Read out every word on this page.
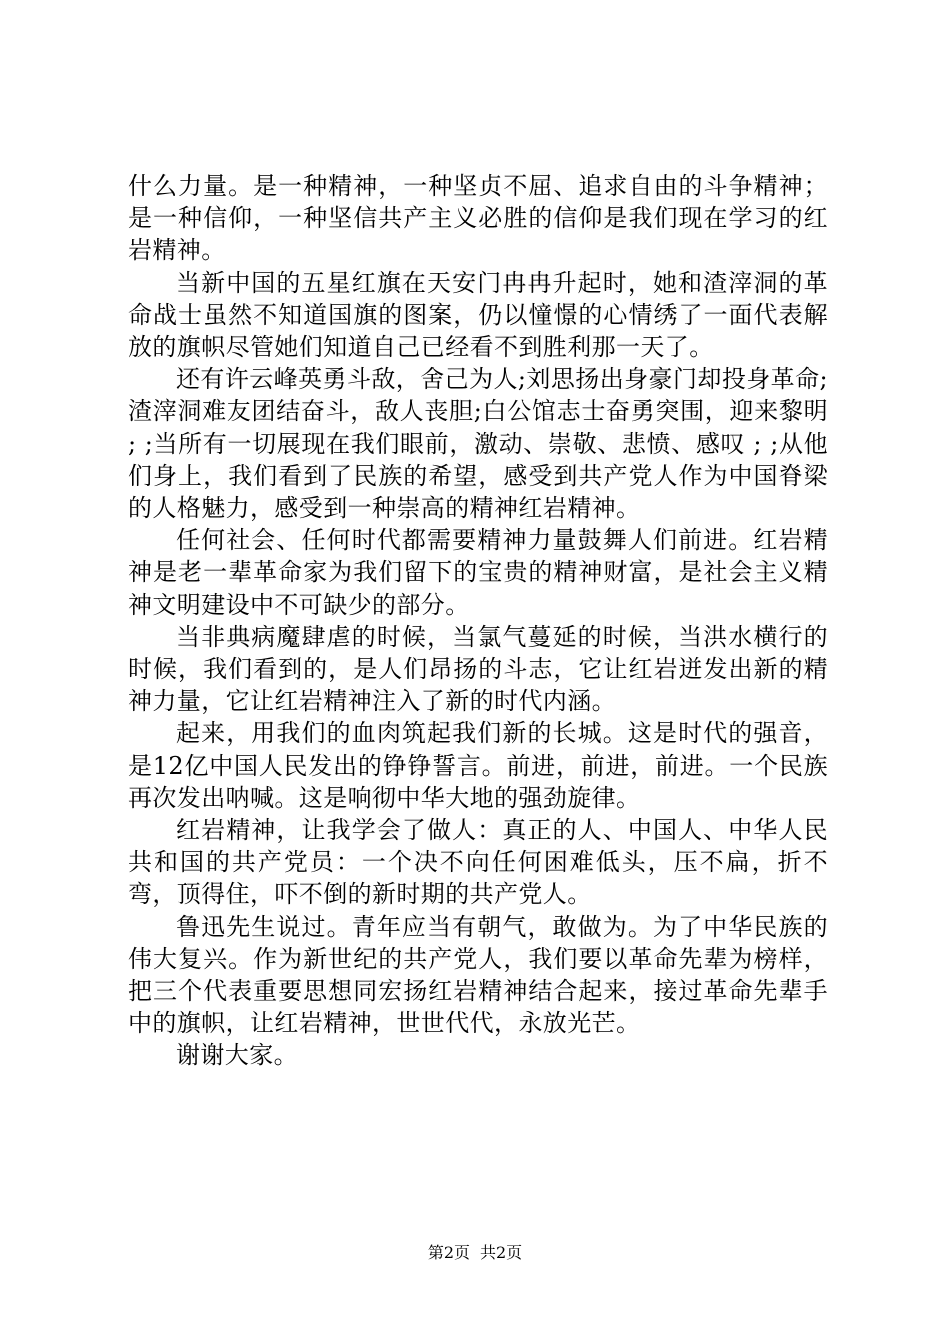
什么力量。是一种精神，一种坚贞不屈、追求自由的斗争精神；是一种信仰，一种坚信共产主义必胜的信仰是我们现在学习的红岩精神。

当新中国的五星红旗在天安门冉冉升起时，她和渣滓洞的革命战士虽然不知道国旗的图案，仍以憧憬的心情绣了一面代表解放的旗帜尽管她们知道自己已经看不到胜利那一天了。

还有许云峰英勇斗敌，舍己为人;刘思扬出身豪门却投身革命;渣滓洞难友团结奋斗，敌人丧胆;白公馆志士奋勇突围，迎来黎明 ; ;当所有一切展现在我们眼前，激动、崇敬、悲愤、感叹 ; ;从他们身上，我们看到了民族的希望，感受到共产党人作为中国脊梁的人格魅力，感受到一种崇高的精神红岩精神。

任何社会、任何时代都需要精神力量鼓舞人们前进。红岩精神是老一辈革命家为我们留下的宝贵的精神财富，是社会主义精神文明建设中不可缺少的部分。

当非典病魔肆虐的时候，当氯气蔓延的时候，当洪水横行的时候，我们看到的，是人们昂扬的斗志，它让红岩迸发出新的精神力量，它让红岩精神注入了新的时代内涵。

起来，用我们的血肉筑起我们新的长城。这是时代的强音，是12亿中国人民发出的铮铮誓言。前进，前进，前进。一个民族再次发出呐喊。这是响彻中华大地的强劲旋律。

红岩精神，让我学会了做人：真正的人、中国人、中华人民共和国的共产党员：一个决不向任何困难低头，压不扁，折不弯，顶得住，吓不倒的新时期的共产党人。

鲁迅先生说过。青年应当有朝气，敢做为。为了中华民族的伟大复兴。作为新世纪的共产党人，我们要以革命先辈为榜样，把三个代表重要思想同宏扬红岩精神结合起来，接过革命先辈手中的旗帜，让红岩精神，世世代代，永放光芒。

谢谢大家。

第2页 共2页
